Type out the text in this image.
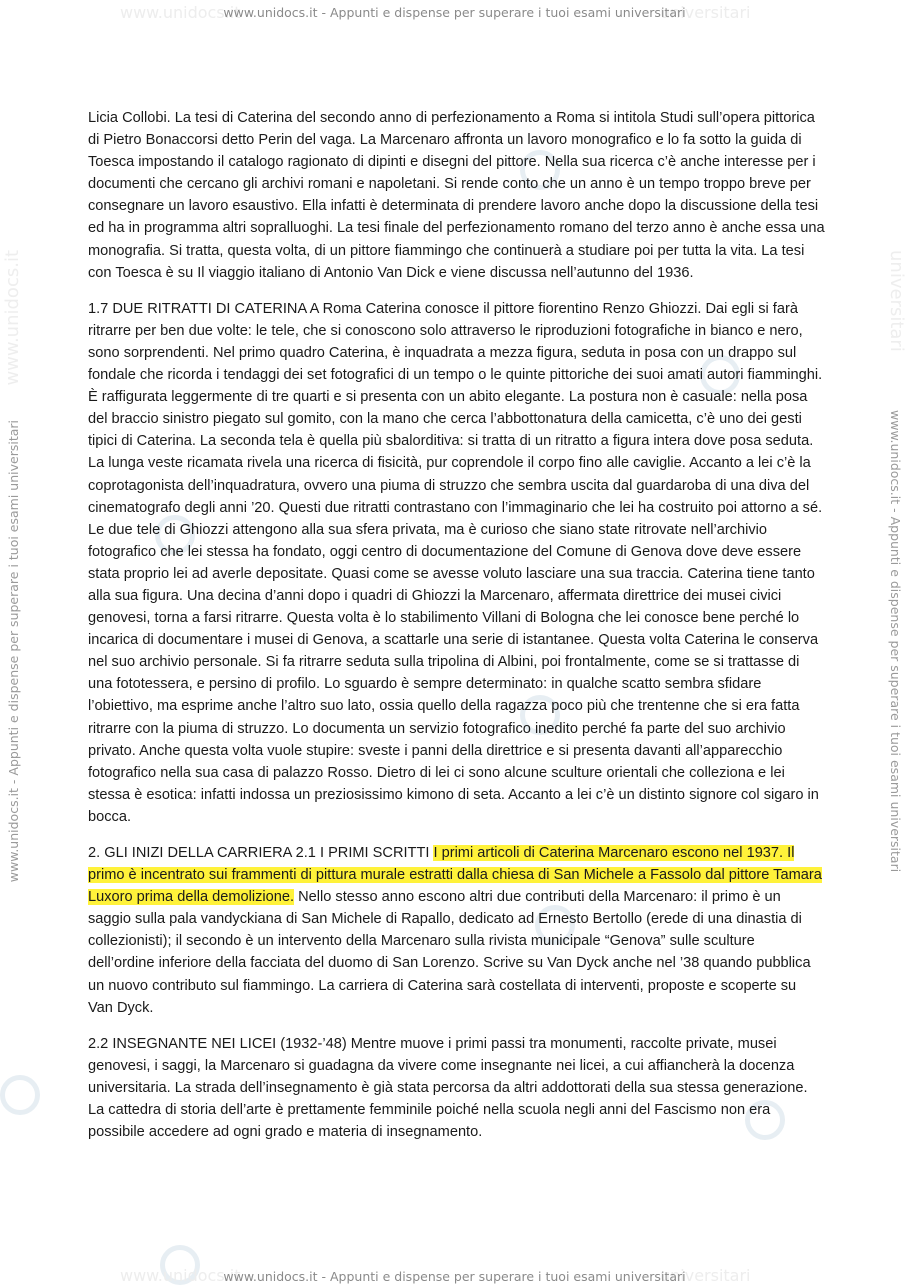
www.unidocs.it	universitari
www.unidocs.it - Appunti e dispense per superare i tuoi esami universitari
www.unidocs.it	universitari
www.unidocs.it - Appunti e dispense per superare i tuoi esami universitari	www.unidocs.it - Appunti e dispense per superare i tuoi esami universitari

Licia Collobi. La tesi di Caterina del secondo anno di perfezionamento a Roma si intitola Studi sull’opera pittorica di Pietro Bonaccorsi detto Perin del vaga. La Marcenaro affronta un lavoro monografico e lo fa sotto la guida di Toesca impostando il catalogo ragionato di dipinti e disegni del pittore. Nella sua ricerca c’è anche interesse per i documenti che cercano gli archivi romani e napoletani. Si rende conto che un anno è un tempo troppo breve per consegnare un lavoro esaustivo. Ella infatti è determinata di prendere lavoro anche dopo la discussione della tesi ed ha in programma altri sopralluoghi. La tesi finale del perfezionamento romano del terzo anno è anche essa una monografia. Si tratta, questa volta, di un pittore fiammingo che continuerà a studiare poi per tutta la vita. La tesi con Toesca è su Il viaggio italiano di Antonio Van Dick e viene discussa nell’autunno del 1936.

1.7 DUE RITRATTI DI CATERINA A Roma Caterina conosce il pittore fiorentino Renzo Ghiozzi. Dai egli si farà ritrarre per ben due volte: le tele, che si conoscono solo attraverso le riproduzioni fotografiche in bianco e nero, sono sorprendenti. Nel primo quadro Caterina, è inquadrata a mezza figura, seduta in posa con un drappo sul fondale che ricorda i tendaggi dei set fotografici di un tempo o le quinte pittoriche dei suoi amati autori fiamminghi. È raffigurata leggermente di tre quarti e si presenta con un abito elegante. La postura non è casuale: nella posa del braccio sinistro piegato sul gomito, con la mano che cerca l’abbottonatura della camicetta, c’è uno dei gesti tipici di Caterina. La seconda tela è quella più sbalorditiva: si tratta di un ritratto a figura intera dove posa seduta. La lunga veste ricamata rivela una ricerca di fisicità, pur coprendole il corpo fino alle caviglie. Accanto a lei c’è la coprotagonista dell’inquadratura, ovvero una piuma di struzzo che sembra uscita dal guardaroba di una diva del cinematografo degli anni ’20. Questi due ritratti contrastano con l’immaginario che lei ha costruito poi attorno a sé. Le due tele di Ghiozzi attengono alla sua sfera privata, ma è curioso che siano state ritrovate nell’archivio fotografico che lei stessa ha fondato, oggi centro di documentazione del Comune di Genova dove deve essere stata proprio lei ad averle depositate. Quasi come se avesse voluto lasciare una sua traccia. Caterina tiene tanto alla sua figura. Una decina d’anni dopo i quadri di Ghiozzi la Marcenaro, affermata direttrice dei musei civici genovesi, torna a farsi ritrarre. Questa volta è lo stabilimento Villani di Bologna che lei conosce bene perché lo incarica di documentare i musei di Genova, a scattarle una serie di istantanee. Questa volta Caterina le conserva nel suo archivio personale. Si fa ritrarre seduta sulla tripolina di Albini, poi frontalmente, come se si trattasse di una fototessera, e persino di profilo. Lo sguardo è sempre determinato: in qualche scatto sembra sfidare l’obiettivo, ma esprime anche l’altro suo lato, ossia quello della ragazza poco più che trentenne che si era fatta ritrarre con la piuma di struzzo. Lo documenta un servizio fotografico inedito perché fa parte del suo archivio privato. Anche questa volta vuole stupire: sveste i panni della direttrice e si presenta davanti all’apparecchio fotografico nella sua casa di palazzo Rosso. Dietro di lei ci sono alcune sculture orientali che colleziona e lei stessa è esotica: infatti indossa un preziosissimo kimono di seta. Accanto a lei c’è un distinto signore col sigaro in bocca.

2. GLI INIZI DELLA CARRIERA 2.1 I PRIMI SCRITTI I primi articoli di Caterina Marcenaro escono nel 1937. Il primo è incentrato sui frammenti di pittura murale estratti dalla chiesa di San Michele a Fassolo dal pittore Tamara Luxoro prima della demolizione. Nello stesso anno escono altri due contributi della Marcenaro: il primo è un saggio sulla pala vandyckiana di San Michele di Rapallo, dedicato ad Ernesto Bertollo (erede di una dinastia di collezionisti); il secondo è un intervento della Marcenaro sulla rivista municipale “Genova” sulle sculture dell’ordine inferiore della facciata del duomo di San Lorenzo. Scrive su Van Dyck anche nel ’38 quando pubblica un nuovo contributo sul fiammingo. La carriera di Caterina sarà costellata di interventi, proposte e scoperte su Van Dyck.

2.2 INSEGNANTE NEI LICEI (1932-’48) Mentre muove i primi passi tra monumenti, raccolte private, musei genovesi, i saggi, la Marcenaro si guadagna da vivere come insegnante nei licei, a cui affiancherà la docenza universitaria. La strada dell’insegnamento è già stata percorsa da altri addottorati della sua stessa generazione. La cattedra di storia dell’arte è prettamente femminile poiché nella scuola negli anni del Fascismo non era possibile accedere ad ogni grado e materia di insegnamento.

www.unidocs.it	universitari
www.unidocs.it - Appunti e dispense per superare i tuoi esami universitari
